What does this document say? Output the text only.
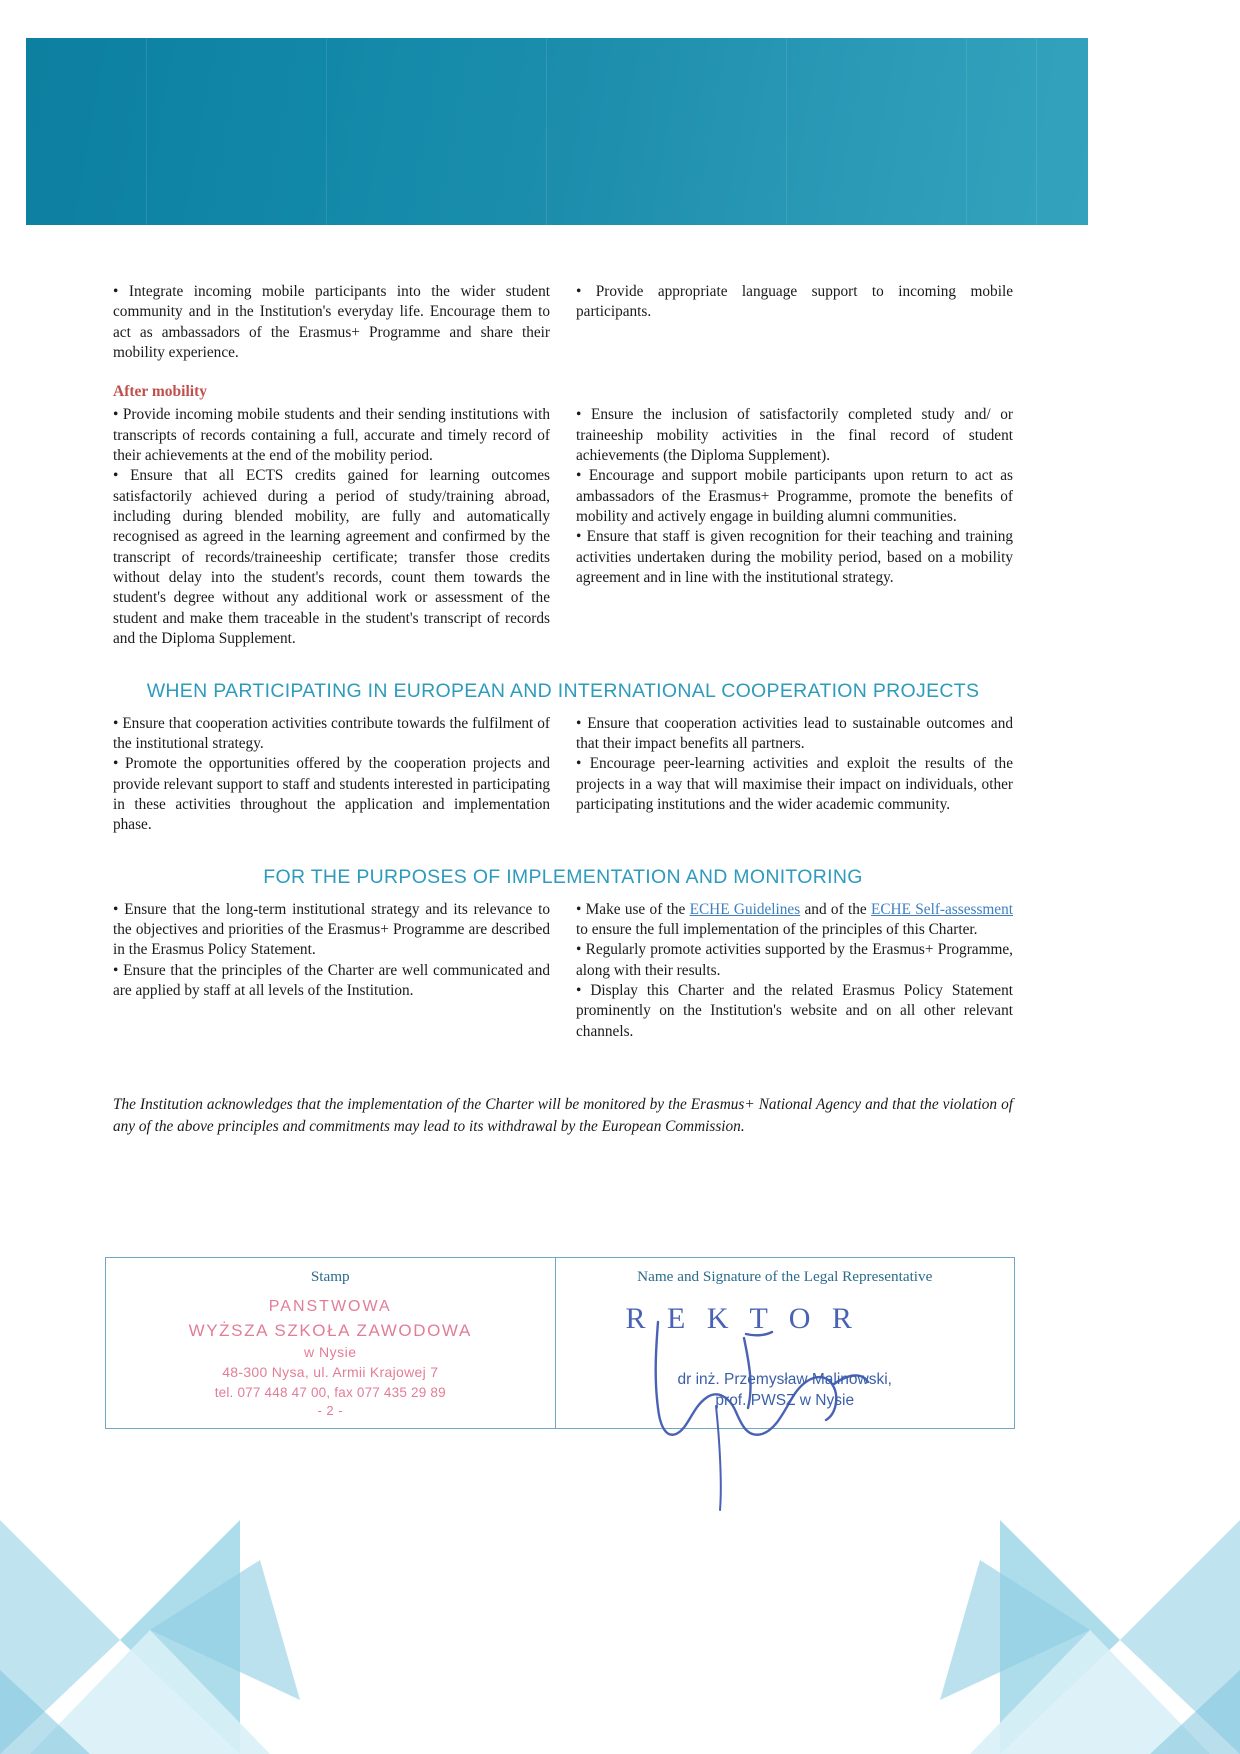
• Integrate incoming mobile participants into the wider student community and in the Institution's everyday life. Encourage them to act as ambassadors of the Erasmus+ Programme and share their mobility experience.

• Provide appropriate language support to incoming mobile participants.

After mobility

• Provide incoming mobile students and their sending institutions with transcripts of records containing a full, accurate and timely record of their achievements at the end of the mobility period.

• Ensure that all ECTS credits gained for learning outcomes satisfactorily achieved during a period of study/training abroad, including during blended mobility, are fully and automatically recognised as agreed in the learning agreement and confirmed by the transcript of records/traineeship certificate; transfer those credits without delay into the student's records, count them towards the student's degree without any additional work or assessment of the student and make them traceable in the student's transcript of records and the Diploma Supplement.

• Ensure the inclusion of satisfactorily completed study and/ or traineeship mobility activities in the final record of student achievements (the Diploma Supplement).

• Encourage and support mobile participants upon return to act as ambassadors of the Erasmus+ Programme, promote the benefits of mobility and actively engage in building alumni communities.

• Ensure that staff is given recognition for their teaching and training activities undertaken during the mobility period, based on a mobility agreement and in line with the institutional strategy.

WHEN PARTICIPATING IN EUROPEAN AND INTERNATIONAL COOPERATION PROJECTS

• Ensure that cooperation activities contribute towards the fulfilment of the institutional strategy.

• Promote the opportunities offered by the cooperation projects and provide relevant support to staff and students interested in participating in these activities throughout the application and implementation phase.

• Ensure that cooperation activities lead to sustainable outcomes and that their impact benefits all partners.

• Encourage peer-learning activities and exploit the results of the projects in a way that will maximise their impact on individuals, other participating institutions and the wider academic community.

FOR THE PURPOSES OF IMPLEMENTATION AND MONITORING

• Ensure that the long-term institutional strategy and its relevance to the objectives and priorities of the Erasmus+ Programme are described in the Erasmus Policy Statement.

• Ensure that the principles of the Charter are well communicated and are applied by staff at all levels of the Institution.

• Make use of the ECHE Guidelines and of the ECHE Self-assessment to ensure the full implementation of the principles of this Charter.

• Regularly promote activities supported by the Erasmus+ Programme, along with their results.

• Display this Charter and the related Erasmus Policy Statement prominently on the Institution's website and on all other relevant channels.

The Institution acknowledges that the implementation of the Charter will be monitored by the Erasmus+ National Agency and that the violation of any of the above principles and commitments may lead to its withdrawal by the European Commission.

Stamp
PANSTWOWA
WYŻSZA SZKOŁA ZAWODOWA
w Nysie
48-300 Nysa, ul. Armii Krajowej 7
tel. 077 448 47 00, fax 077 435 29 89
- 2 -
Name and Signature of the Legal Representative
R E K T O R
dr inż. Przemysław Malinowski,
prof. PWSZ w Nysie
